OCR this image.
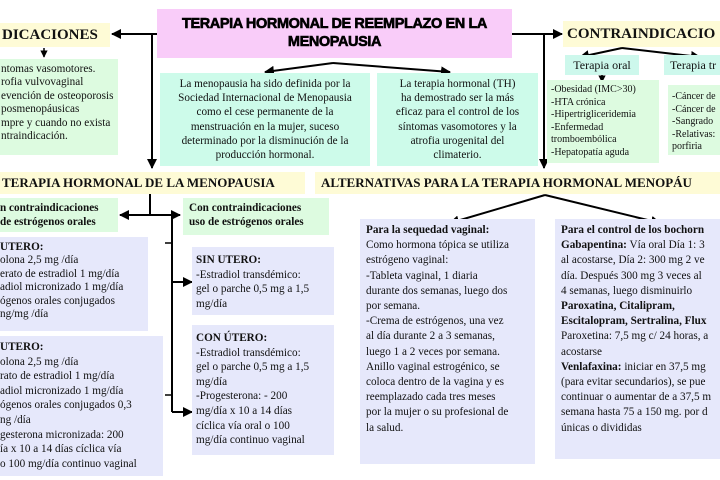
TERAPIA HORMONAL DE REEMPLAZO EN LA
MENOPAUSIA
DICACIONES
ntomas vasomotores.
rofia vulvovaginal
evención de osteoporosis
posmenopáusicas
mpre y cuando no exista
ntraindicación.
La menopausia ha sido definida por la
Sociedad Internacional de Menopausia
como el cese permanente de la
menstruación en la mujer, suceso
determinado por la disminución de la
producción hormonal.
La terapia hormonal (TH)
ha demostrado ser la más
eficaz para el control de los
síntomas vasomotores y la
atrofia urogenital del
climaterio.
CONTRAINDICACIO
Terapia oral	Terapia tr
-Obesidad (IMC>30)
-HTA crónica
-Hipertrigliceridemia
-Enfermedad
tromboembólica
-Hepatopatía aguda
-Cáncer de
-Cáncer de
-Sangrado
-Relativas:
porfiria
TERAPIA HORMONAL DE LA MENOPAUSIA	ALTERNATIVAS PARA LA TERAPIA HORMONAL MENOPÁU
n contraindicaciones
de estrógenos orales
Con contraindicaciones
uso de estrógenos orales
UTERO:
olona 2,5 mg /día
erato de estradiol 1 mg/día
adiol micronizado 1 mg/día
ógenos orales conjugados
ng/mg /día
UTERO:
olona 2,5 mg /día
rato de estradiol 1 mg/día
adiol micronizado 1 mg/día
ógenos orales conjugados 0,3
ng /día
gesterona micronizada: 200
ía x 10 a 14 días cíclica vía
o 100 mg/día continuo vaginal
SIN UTERO:
-Estradiol transdémico:
gel o parche 0,5 mg a 1,5
mg/día
CON ÚTERO:
-Estradiol transdémico:
gel o parche 0,5 mg a 1,5
mg/día
-Progesterona: - 200
mg/día x 10 a 14 días
cíclica vía oral o 100
mg/día continuo vaginal
Para la sequedad vaginal:
Como hormona tópica se utiliza
estrógeno vaginal:
-Tableta vaginal, 1 diaria
durante dos semanas, luego dos
por semana.
-Crema de estrógenos, una vez
al día durante 2 a 3 semanas,
luego 1 a 2 veces por semana.
Anillo vaginal estrogénico, se
coloca dentro de la vagina y es
reemplazado cada tres meses
por la mujer o su profesional de
la salud.
Para el control de los bochorn
Gabapentina: Vía oral Día 1: 3
al acostarse, Día 2: 300 mg 2 ve
día. Después 300 mg 3 veces al
4 semanas, luego disminuirlo
Paroxatina, Citalipram,
Escitalopram, Sertralina, Flux
Paroxetina: 7,5 mg c/ 24 horas, a
acostarse
Venlafaxina: iniciar en 37,5 mg
(para evitar secundarios), se pue
continuar o aumentar de a 37,5 m
semana hasta 75 a 150 mg. por d
únicas o divididas
